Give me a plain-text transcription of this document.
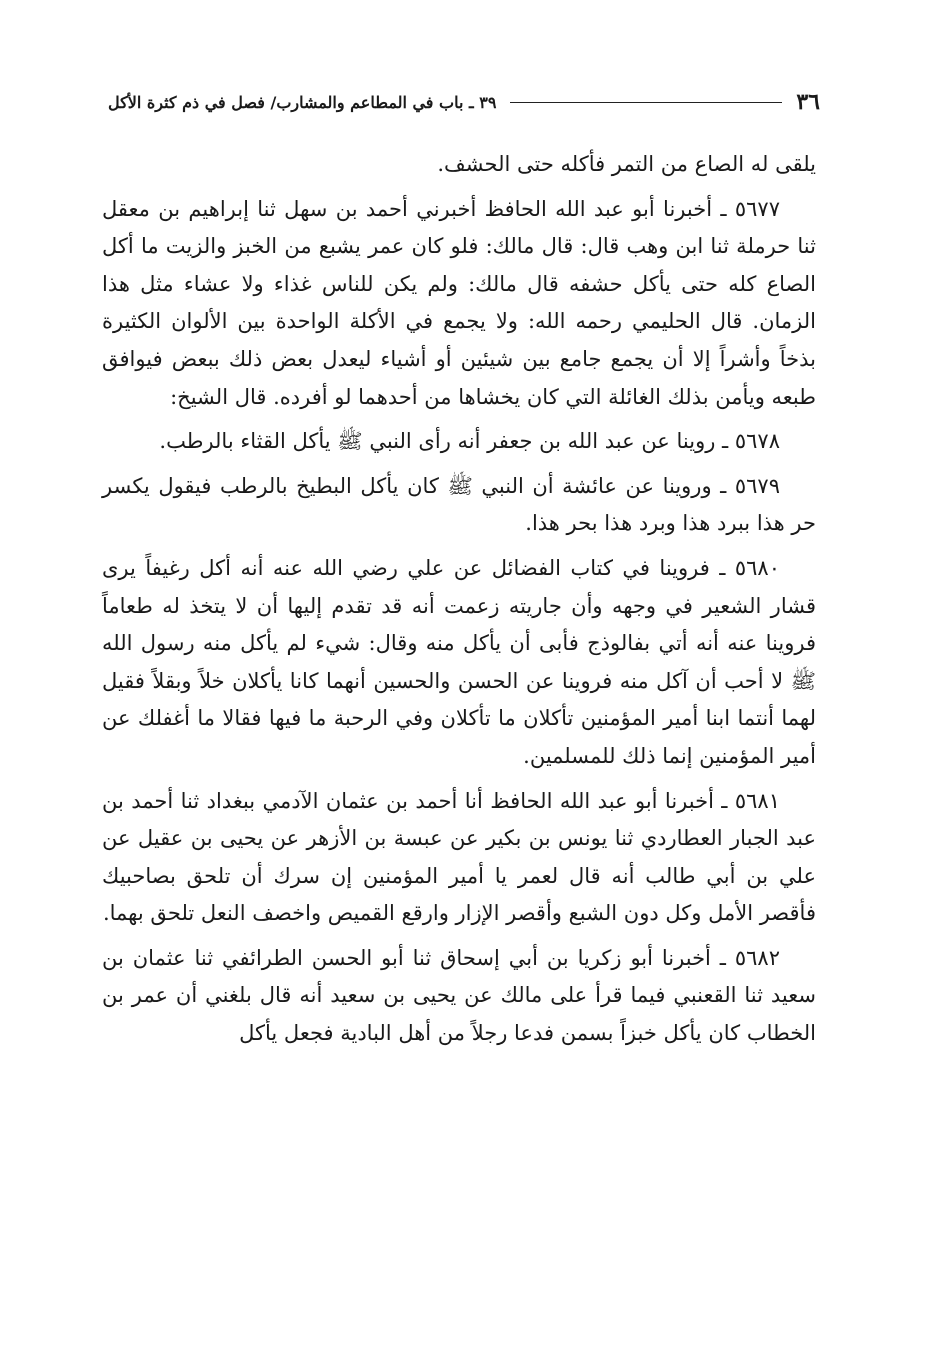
٣٦
٣٩ ـ باب في المطاعم والمشارب/ فصل في ذم كثرة الأكل

يلقى له الصاع من التمر فأكله حتى الحشف.

٥٦٧٧ ـ أخبرنا أبو عبد الله الحافظ أخبرني أحمد بن سهل ثنا إبراهيم بن معقل ثنا حرملة ثنا ابن وهب قال: قال مالك: فلو كان عمر يشبع من الخبز والزيت ما أكل الصاع كله حتى يأكل حشفه قال مالك: ولم يكن للناس غذاء ولا عشاء مثل هذا الزمان. قال الحليمي رحمه الله: ولا يجمع في الأكلة الواحدة بين الألوان الكثيرة بذخاً وأشراً إلا أن يجمع جامع بين شيئين أو أشياء ليعدل بعض ذلك ببعض فيوافق طبعه ويأمن بذلك الغائلة التي كان يخشاها من أحدهما لو أفرده. قال الشيخ:

٥٦٧٨ ـ روينا عن عبد الله بن جعفر أنه رأى النبي ﷺ يأكل القثاء بالرطب.

٥٦٧٩ ـ وروينا عن عائشة أن النبي ﷺ كان يأكل البطيخ بالرطب فيقول يكسر حر هذا ببرد هذا وبرد هذا بحر هذا.

٥٦٨٠ ـ فروينا في كتاب الفضائل عن علي رضي الله عنه أنه أكل رغيفاً يرى قشار الشعير في وجهه وأن جاريته زعمت أنه قد تقدم إليها أن لا يتخذ له طعاماً فروينا عنه أنه أتي بفالوذج فأبى أن يأكل منه وقال: شيء لم يأكل منه رسول الله ﷺ لا أحب أن آكل منه فروينا عن الحسن والحسين أنهما كانا يأكلان خلاً وبقلاً فقيل لهما أنتما ابنا أمير المؤمنين تأكلان ما تأكلان وفي الرحبة ما فيها فقالا ما أغفلك عن أمير المؤمنين إنما ذلك للمسلمين.

٥٦٨١ ـ أخبرنا أبو عبد الله الحافظ أنا أحمد بن عثمان الآدمي ببغداد ثنا أحمد بن عبد الجبار العطاردي ثنا يونس بن بكير عن عبسة بن الأزهر عن يحيى بن عقيل عن علي بن أبي طالب أنه قال لعمر يا أمير المؤمنين إن سرك أن تلحق بصاحبيك فأقصر الأمل وكل دون الشبع وأقصر الإزار وارقع القميص واخصف النعل تلحق بهما.

٥٦٨٢ ـ أخبرنا أبو زكريا بن أبي إسحاق ثنا أبو الحسن الطرائفي ثنا عثمان بن سعيد ثنا القعنبي فيما قرأ على مالك عن يحيى بن سعيد أنه قال بلغني أن عمر بن الخطاب كان يأكل خبزاً بسمن فدعا رجلاً من أهل البادية فجعل يأكل
